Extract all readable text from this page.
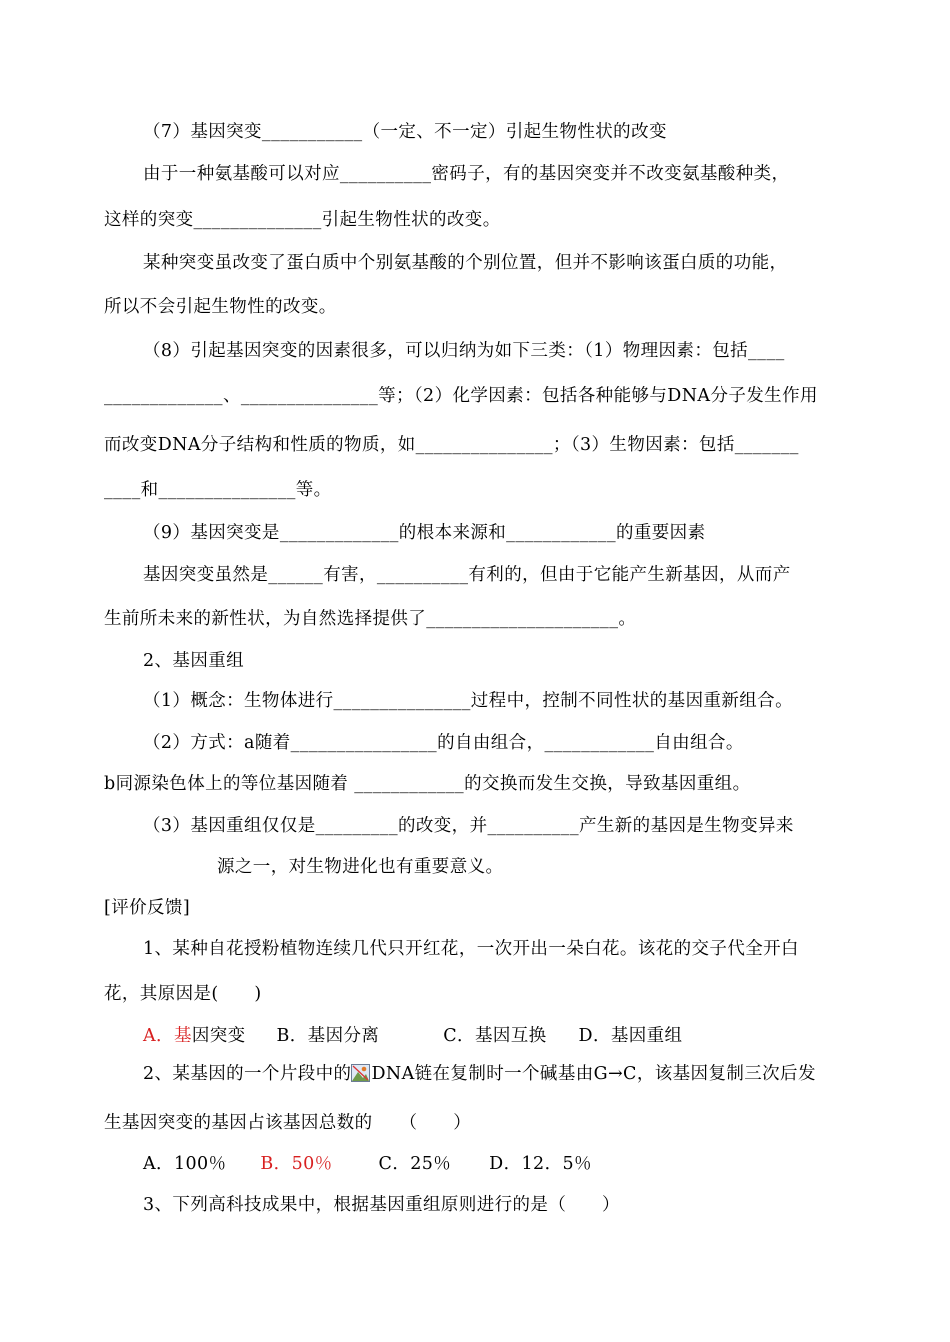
（7）基因突变___________（一定、不一定）引起生物性状的改变
由于一种氨基酸可以对应__________密码子，有的基因突变并不改变氨基酸种类，
这样的突变______________引起生物性状的改变。
某种突变虽改变了蛋白质中个别氨基酸的个别位置，但并不影响该蛋白质的功能，
所以不会引起生物性的改变。
（8）引起基因突变的因素很多，可以归纳为如下三类：（1）物理因素：包括____
_____________、_______________等；（2）化学因素：包括各种能够与DNA分子发生作用
而改变DNA分子结构和性质的物质，如_______________；（3）生物因素：包括_______
____和_______________等。
（9）基因突变是_____________的根本来源和____________的重要因素
基因突变虽然是______有害，__________有利的，但由于它能产生新基因，从而产
生前所未来的新性状，为自然选择提供了_____________________。
2、基因重组
（1）概念：生物体进行_______________过程中，控制不同性状的基因重新组合。
（2）方式：a随着________________的自由组合，____________自由组合。
b同源染色体上的等位基因随着 ____________的交换而发生交换，导致基因重组。
（3）基因重组仅仅是_________的改变，并__________产生新的基因是生物变异来
源之一，对生物进化也有重要意义。
[评价反馈]
1、某种自花授粉植物连续几代只开红花，一次开出一朵白花。该花的交子代全开白
花，其原因是(　　)
A．基因突变 B．基因分离	C．基因互换 D．基因重组
2、某基因的一个片段中的 DNA链在复制时一个碱基由G→C，该基因复制三次后发
生基因突变的基因占该基因总数的　　（　　）
A．100％ B．50％	C．25％ D．12．5％
3、下列高科技成果中，根据基因重组原则进行的是（　　）
